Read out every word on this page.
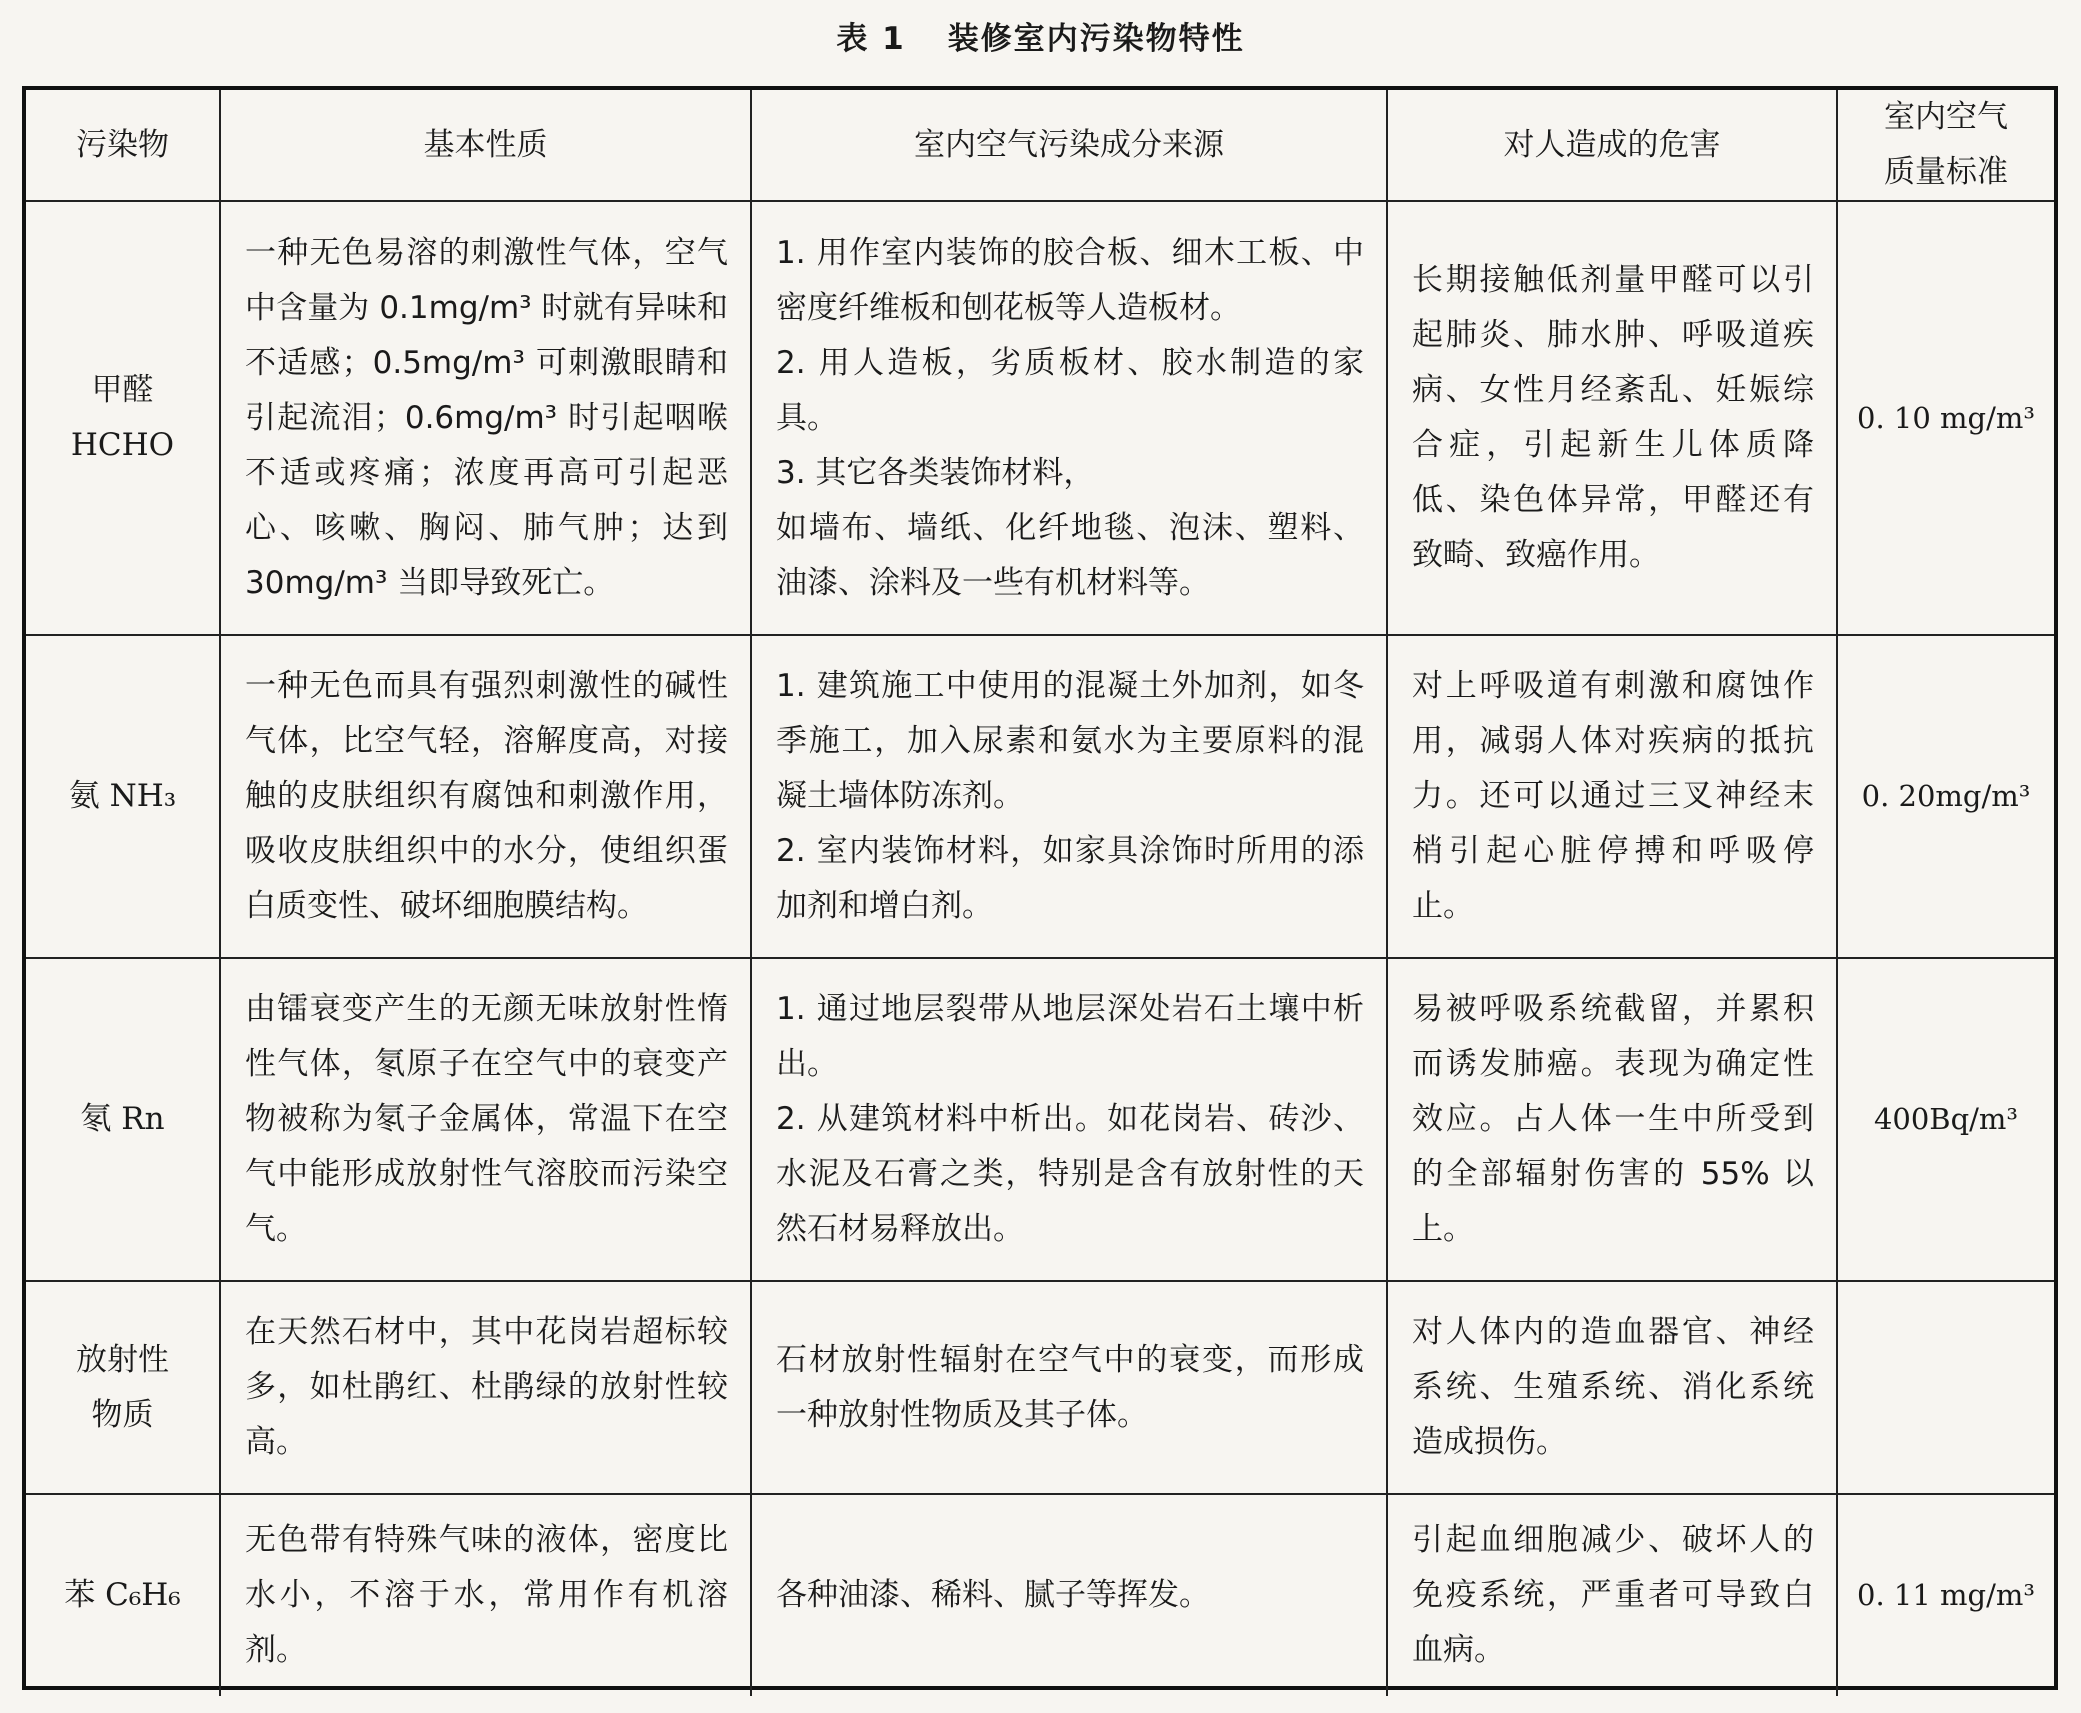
表 1 装修室内污染物特性
污染物	基本性质	室内空气污染成分来源	对人造成的危害	室内空气
质量标准

甲醛
HCHO	一种无色易溶的刺激性气体，空气中含量为 0.1mg/m³ 时就有异味和不适感；0.5mg/m³ 可刺激眼睛和引起流泪；0.6mg/m³ 时引起咽喉不适或疼痛；浓度再高可引起恶心、咳嗽、胸闷、肺气肿；达到 30mg/m³ 当即导致死亡。	1. 用作室内装饰的胶合板、细木工板、中密度纤维板和刨花板等人造板材。
2. 用人造板，劣质板材、胶水制造的家具。
3. 其它各类装饰材料，
如墙布、墙纸、化纤地毯、泡沫、塑料、油漆、涂料及一些有机材料等。	长期接触低剂量甲醛可以引起肺炎、肺水肿、呼吸道疾病、女性月经紊乱、妊娠综合症，引起新生儿体质降低、染色体异常，甲醛还有致畸、致癌作用。	0. 10 mg/m³
氨 NH₃	一种无色而具有强烈刺激性的碱性气体，比空气轻，溶解度高，对接触的皮肤组织有腐蚀和刺激作用，吸收皮肤组织中的水分，使组织蛋白质变性、破坏细胞膜结构。	1. 建筑施工中使用的混凝土外加剂，如冬季施工，加入尿素和氨水为主要原料的混凝土墙体防冻剂。
2. 室内装饰材料，如家具涂饰时所用的添加剂和增白剂。	对上呼吸道有刺激和腐蚀作用，减弱人体对疾病的抵抗力。还可以通过三叉神经末梢引起心脏停搏和呼吸停止。	0. 20mg/m³
氡 Rn	由镭衰变产生的无颜无味放射性惰性气体，氡原子在空气中的衰变产物被称为氡子金属体，常温下在空气中能形成放射性气溶胶而污染空气。	1. 通过地层裂带从地层深处岩石土壤中析出。
2. 从建筑材料中析出。如花岗岩、砖沙、水泥及石膏之类，特别是含有放射性的天然石材易释放出。	易被呼吸系统截留，并累积而诱发肺癌。表现为确定性效应。占人体一生中所受到的全部辐射伤害的 55% 以上。	400Bq/m³

放射性
物质	在天然石材中，其中花岗岩超标较多，如杜鹃红、杜鹃绿的放射性较高。	石材放射性辐射在空气中的衰变，而形成一种放射性物质及其子体。	对人体内的造血器官、神经系统、生殖系统、消化系统造成损伤。	
苯 C₆H₆	无色带有特殊气味的液体，密度比水小，不溶于水，常用作有机溶剂。	各种油漆、稀料、腻子等挥发。	引起血细胞减少、破坏人的免疫系统，严重者可导致白血病。	0. 11 mg/m³
